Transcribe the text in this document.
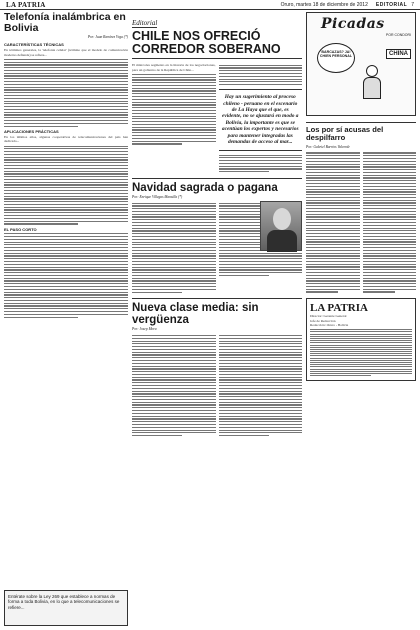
LA PATRIA	Oruro, martes 18 de diciembre de 2012	EDITORIAL 7
Telefonía inalámbrica en Bolivia
Por: Juan Ramírez Vega (*)
CARACTERÍSTICAS TÉCNICAS
En términos generales, la 'telefonía celular' (término que el modelo de comunicación moderno defiende) se refiere...
APLICACIONES PRÁCTICAS
En los últimos años, algunas cooperativas de telecomunicaciones del país han dedicado...
EL PASO CORTO
Entérate sobre la Ley 269 que establece a normas de forma a toda Bolivia, en lo que a telecomunicaciones se refiere...
Editorial
CHILE NOS OFRECIÓ CORREDOR SOBERANO
El miércoles segmento en la historia de los negociaciones, para un gobierno de la República de Chile...
Hay un sugerimiento al proceso chileno - peruano en el escenario de La Haya que el que, es evidente, no se ajustará en modo a Bolivia, la importante es que se acentúan los expertos y necesarios para mantener integradas las demandas de acceso al mar...
Navidad sagrada o pagana
Por: Enrique Villegas Mansilla (*)
Nueva clase media: sin vergüenza
Por: Josep Mora
Picadas
POR CONDORI
BARCAZAS? JA! CHIEN PERSONAL	CHINA
Los por sí acusas del despilfarro
Por: Gabriel Barrios Valverde
LA PATRIA
Director: Gerente General
Jefe de Redacción
Redacción: Oruro - Bolivia
